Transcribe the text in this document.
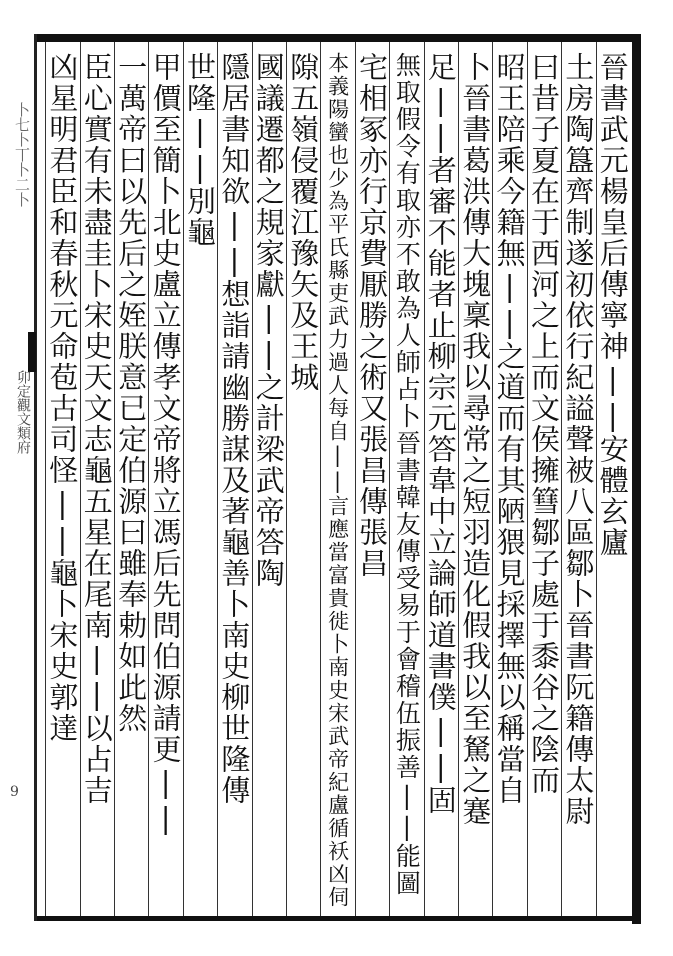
卜七卜丅卜二卜
卯定觀文類府
9
晉書武元楊皇后傳寧神||安體玄廬
土房陶簋齊制遂初依行紀謚聲被八區鄒卜晉書阮籍傳太尉
曰昔子夏在于西河之上而文侯擁篲鄒子處于黍谷之陰而
昭王陪乘今籍無||之道而有其陋猥見採擇無以稱當自
卜晉書葛洪傳大塊稟我以尋常之短羽造化假我以至駑之蹇
足||者審不能者止柳宗元答韋中立論師道書僕||固
無取假令有取亦不敢為人師占卜晉書韓友傳受易于會稽伍振善||能圖
宅相冢亦行京費厭勝之術又張昌傳張昌
本義陽蠻也少為平氏縣吏武力過人每自||言應當富貴徙卜南史宋武帝紀盧循袄凶伺
隙五嶺侵覆江豫矢及王城
國議遷都之規家獻||之計梁武帝答陶
隱居書知欲||想詣請幽勝謀及著龜善卜南史柳世隆傳
世隆||別龜
甲價至簡卜北史盧立傳孝文帝將立馮后先問伯源請更||
一萬帝曰以先后之姪朕意已定伯源曰雖奉勅如此然
臣心實有未盡圭卜宋史天文志龜五星在尾南||以占吉
凶星明君臣和春秋元命苞古司怪||龜卜宋史郭達
